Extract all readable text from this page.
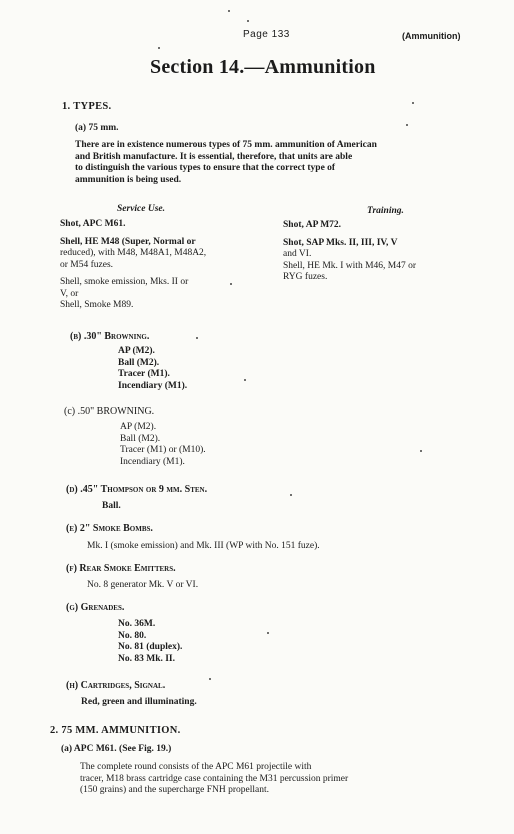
Page 133	(Ammunition)
Section 14.—Ammunition
1. TYPES.
(a) 75 mm.
There are in existence numerous types of 75 mm. ammunition of American
and British manufacture. It is essential, therefore, that units are able
to distinguish the various types to ensure that the correct type of
ammunition is being used.
Service Use.	Training.
Shot, APC M61.
Shell, HE M48 (Super, Normal or
reduced), with M48, M48A1, M48A2,
or M54 fuzes.
Shell, smoke emission, Mks. II or
V, or
Shell, Smoke M89.
Shot, AP M72.
Shot, SAP Mks. II, III, IV, V
and VI.
Shell, HE Mk. I with M46, M47 or
RYG fuzes.
(b) .30" Browning.
AP (M2).
Ball (M2).
Tracer (M1).
Incendiary (M1).
(c) .50" BROWNING.
AP (M2).
Ball (M2).
Tracer (M1) or (M10).
Incendiary (M1).
(d) .45" Thompson or 9 mm. Sten.
Ball.
(e) 2" Smoke Bombs.
Mk. I (smoke emission) and Mk. III (WP with No. 151 fuze).
(f) Rear Smoke Emitters.
No. 8 generator Mk. V or VI.
(g) Grenades.
No. 36M.
No. 80.
No. 81 (duplex).
No. 83 Mk. II.
(h) Cartridges, Signal.
Red, green and illuminating.
2. 75 MM. AMMUNITION.
(a) APC M61. (See Fig. 19.)
The complete round consists of the APC M61 projectile with
tracer, M18 brass cartridge case containing the M31 percussion primer
(150 grains) and the supercharge FNH propellant.
